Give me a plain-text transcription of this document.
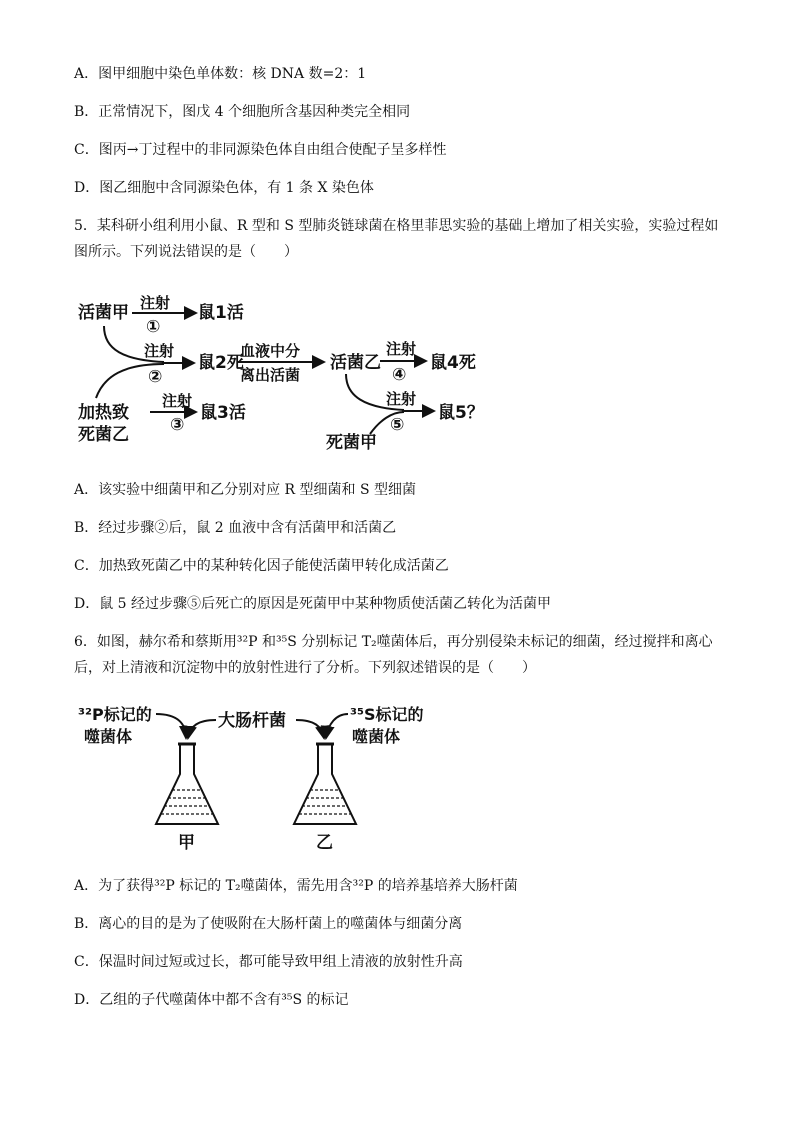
A．图甲细胞中染色单体数：核 DNA 数=2：1
B．正常情况下，图戊 4 个细胞所含基因种类完全相同
C．图丙→丁过程中的非同源染色体自由组合使配子呈多样性
D．图乙细胞中含同源染色体，有 1 条 X 染色体
5．某科研小组利用小鼠、R 型和 S 型肺炎链球菌在格里菲思实验的基础上增加了相关实验，实验过程如
图所示。下列说法错误的是（　　）
活菌甲 注射
①
鼠1活
注射
②
鼠2死
血液中分
离出活菌
活菌乙
注射
④
鼠4死
加热致
死菌乙
注射
③
鼠3活
注射
⑤
鼠5？
死菌甲
A．该实验中细菌甲和乙分别对应 R 型细菌和 S 型细菌
B．经过步骤②后，鼠 2 血液中含有活菌甲和活菌乙
C．加热致死菌乙中的某种转化因子能使活菌甲转化成活菌乙
D．鼠 5 经过步骤⑤后死亡的原因是死菌甲中某种物质使活菌乙转化为活菌甲
6．如图，赫尔希和蔡斯用³²P 和³⁵S 分别标记 T₂噬菌体后，再分别侵染未标记的细菌，经过搅拌和离心
后，对上清液和沉淀物中的放射性进行了分析。下列叙述错误的是（　　）
³²P标记的
噬菌体
大肠杆菌	³⁵S标记的
噬菌体
甲	乙
A．为了获得³²P 标记的 T₂噬菌体，需先用含³²P 的培养基培养大肠杆菌
B．离心的目的是为了使吸附在大肠杆菌上的噬菌体与细菌分离
C．保温时间过短或过长，都可能导致甲组上清液的放射性升高
D．乙组的子代噬菌体中都不含有³⁵S 的标记
